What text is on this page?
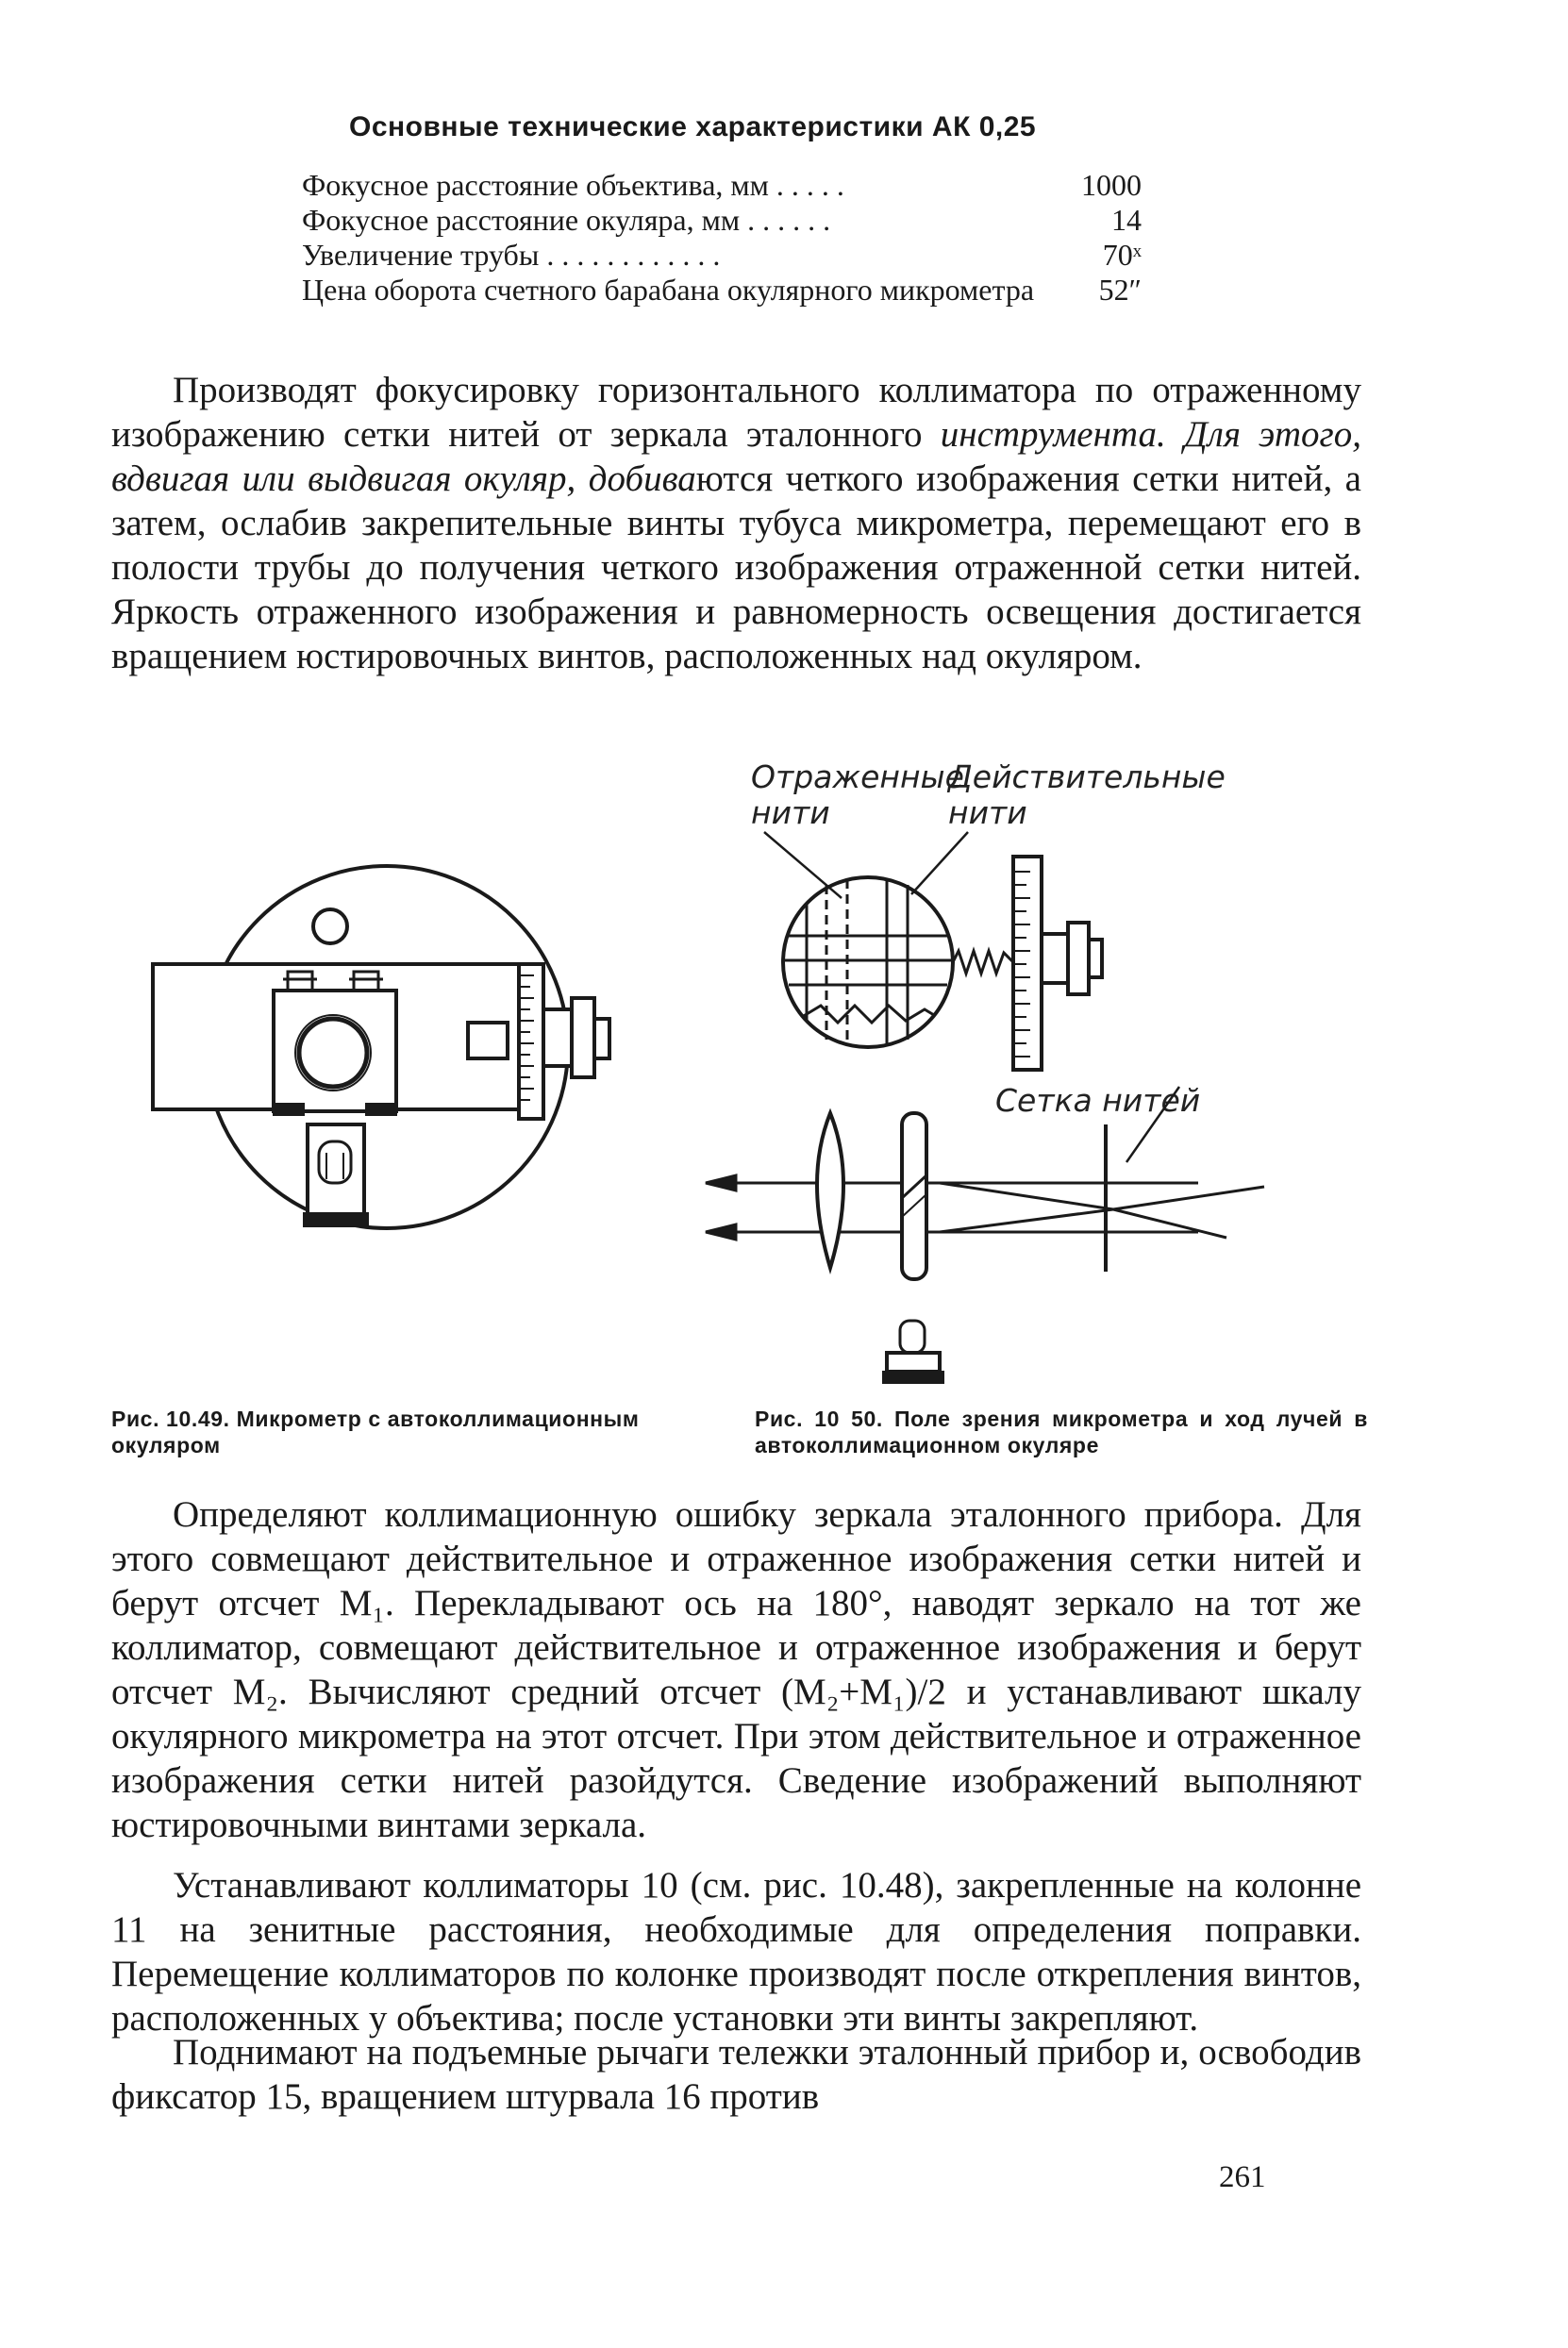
Основные технические характеристики АК 0,25
Фокусное расстояние объектива, мм . . . . .	1000
Фокусное расстояние окуляра, мм . . . . . .	14
Увеличение трубы . . . . . . . . . . . .	70ˣ
Цена оборота счетного барабана окулярного микрометра	52″

Производят фокусировку горизонтального коллиматора по отраженному изображению сетки нитей от зеркала эталонного инструмента. Для этого, вдвигая или выдвигая окуляр, добиваются четкого изображения сетки нитей, а затем, ослабив закрепительные винты тубуса микрометра, перемещают его в полости трубы до получения четкого изображения отраженной сетки нитей. Яркость отраженного изображения и равномерность освещения достигается вращением юстировочных винтов, расположенных над окуляром.

Отраженные нити
Действительные нити
Сетка нитей
Рис. 10.49. Микрометр с автоколлимационным окуляром
Рис. 10 50. Поле зрения микрометра и ход лучей в автоколлимационном окуляре

Определяют коллимационную ошибку зеркала эталонного прибора. Для этого совмещают действительное и отраженное изображения сетки нитей и берут отсчет M₁. Перекладывают ось на 180°, наводят зеркало на тот же коллиматор, совмещают действительное и отраженное изображения и берут отсчет M₂. Вычисляют средний отсчет (M₂+M₁)/2 и устанавливают шкалу окулярного микрометра на этот отсчет. При этом действительное и отраженное изображения сетки нитей разойдутся. Сведение изображений выполняют юстировочными винтами зеркала.

Устанавливают коллиматоры 10 (см. рис. 10.48), закрепленные на колонне 11 на зенитные расстояния, необходимые для определения поправки. Перемещение коллиматоров по колонке производят после открепления винтов, расположенных у объектива; после установки эти винты закрепляют.

Поднимают на подъемные рычаги тележки эталонный прибор и, освободив фиксатор 15, вращением штурвала 16 против

261
